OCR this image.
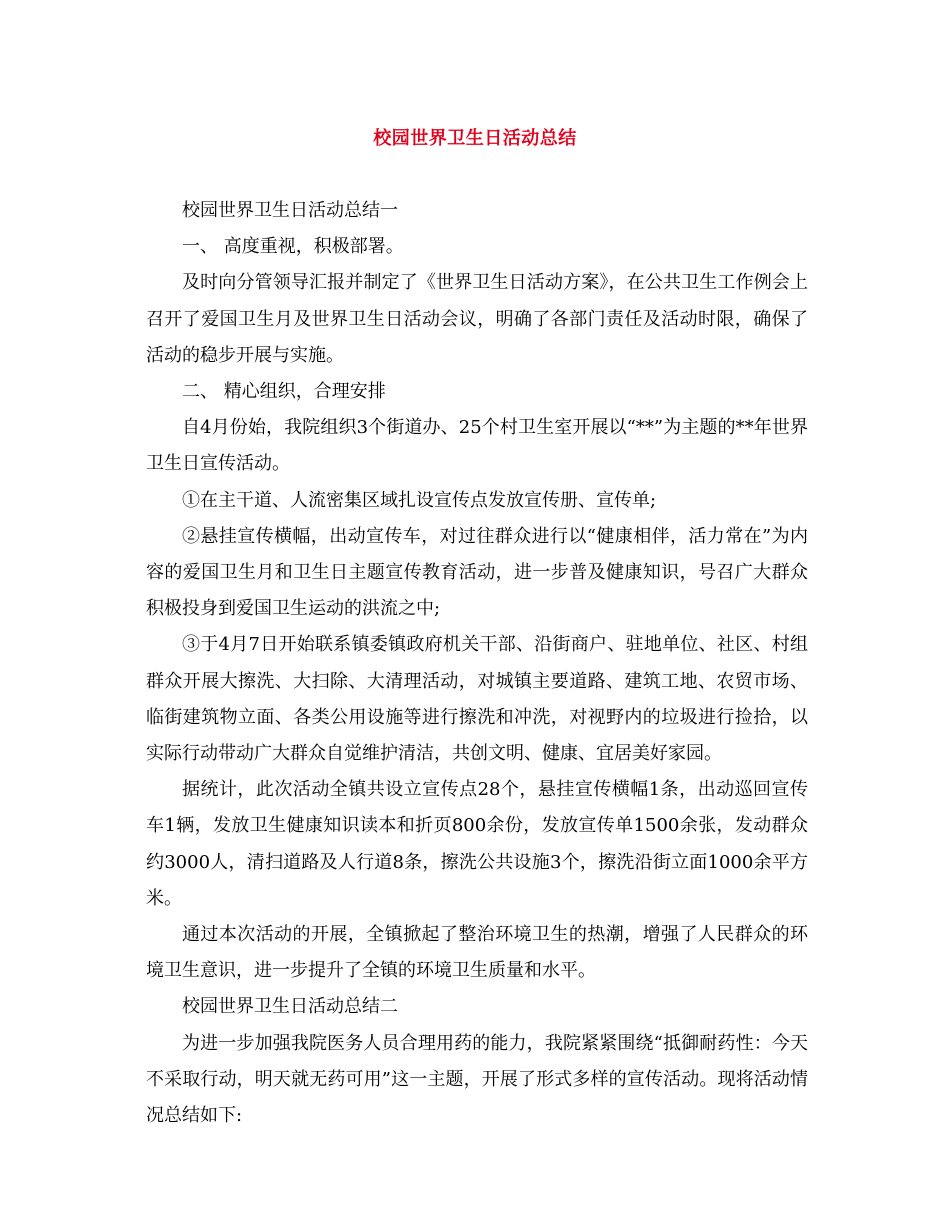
校园世界卫生日活动总结

校园世界卫生日活动总结一

一、 高度重视，积极部署。

及时向分管领导汇报并制定了《世界卫生日活动方案》，在公共卫生工作例会上召开了爱国卫生月及世界卫生日活动会议，明确了各部门责任及活动时限，确保了活动的稳步开展与实施。

二、 精心组织，合理安排

自4月份始，我院组织3个街道办、25个村卫生室开展以“**”为主题的**年世界卫生日宣传活动。

①在主干道、人流密集区域扎设宣传点发放宣传册、宣传单;

②悬挂宣传横幅，出动宣传车，对过往群众进行以“健康相伴，活力常在”为内容的爱国卫生月和卫生日主题宣传教育活动，进一步普及健康知识，号召广大群众积极投身到爱国卫生运动的洪流之中;

③于4月7日开始联系镇委镇政府机关干部、沿街商户、驻地单位、社区、村组群众开展大擦洗、大扫除、大清理活动，对城镇主要道路、建筑工地、农贸市场、临街建筑物立面、各类公用设施等进行擦洗和冲洗，对视野内的垃圾进行捡拾，以实际行动带动广大群众自觉维护清洁，共创文明、健康、宜居美好家园。

据统计，此次活动全镇共设立宣传点28个，悬挂宣传横幅1条，出动巡回宣传车1辆，发放卫生健康知识读本和折页800余份，发放宣传单1500余张，发动群众约3000人，清扫道路及人行道8条，擦洗公共设施3个，擦洗沿街立面1000余平方米。

通过本次活动的开展，全镇掀起了整治环境卫生的热潮，增强了人民群众的环境卫生意识，进一步提升了全镇的环境卫生质量和水平。

校园世界卫生日活动总结二

为进一步加强我院医务人员合理用药的能力，我院紧紧围绕“抵御耐药性：今天不采取行动，明天就无药可用”这一主题，开展了形式多样的宣传活动。现将活动情况总结如下:
